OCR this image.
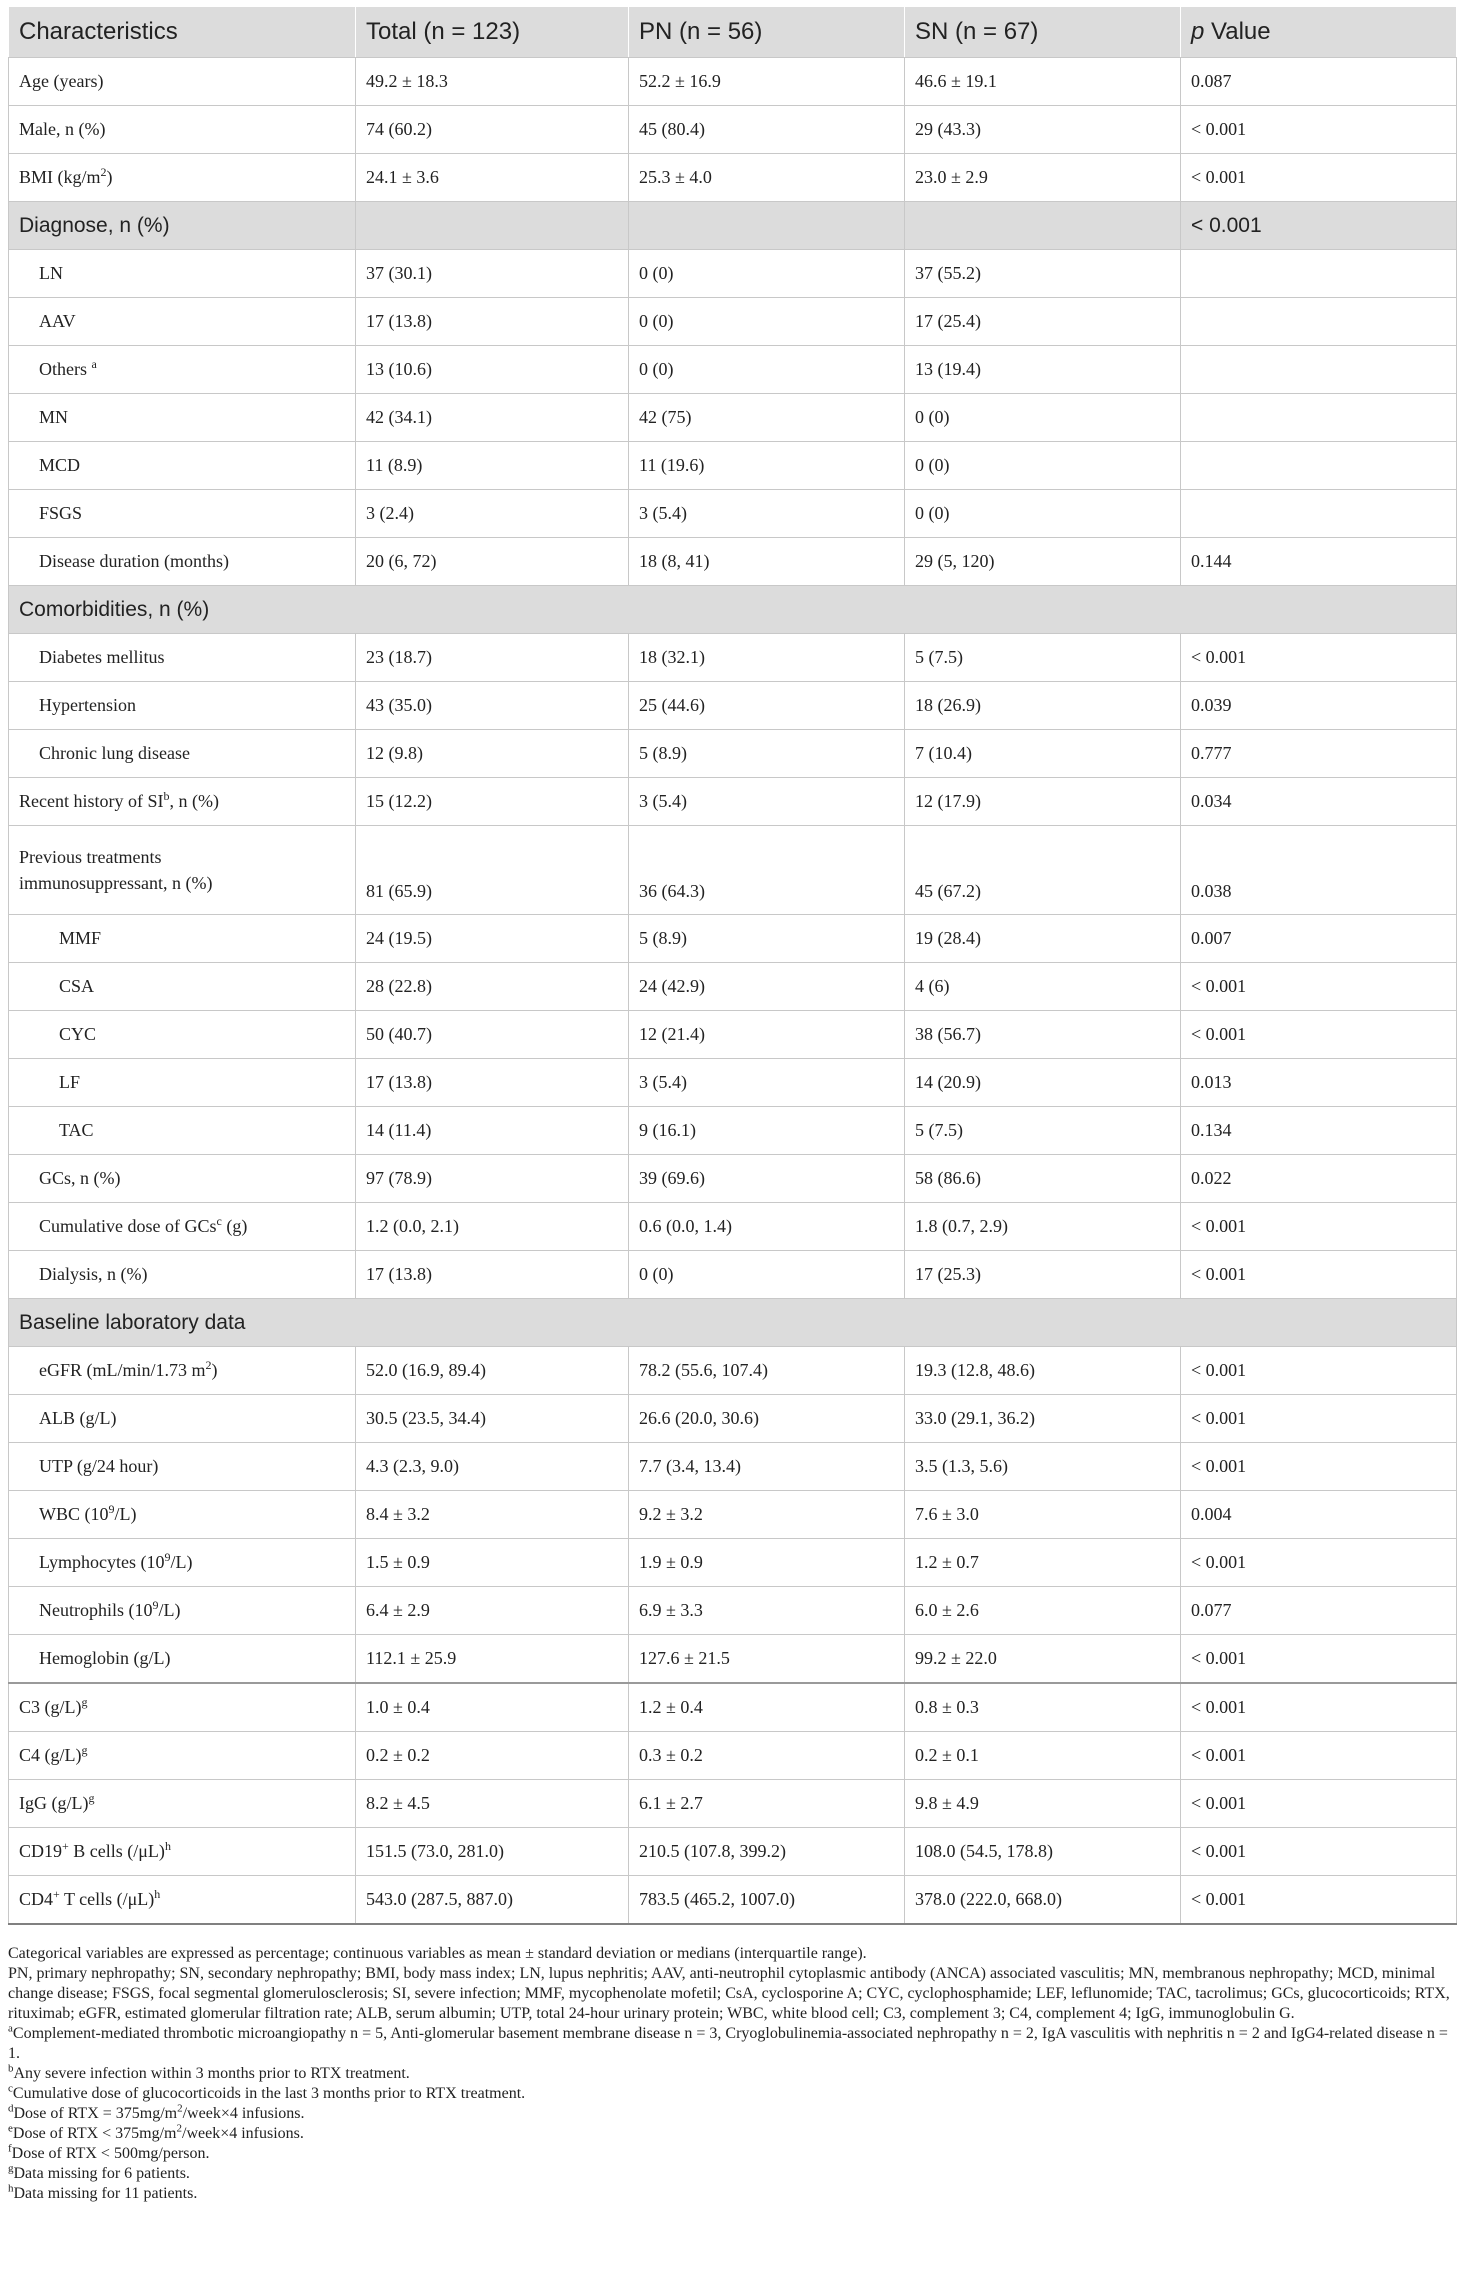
Characteristics	Total (n = 123)	PN (n = 56)	SN (n = 67)	p Value
Age (years)	49.2 ± 18.3	52.2 ± 16.9	46.6 ± 19.1	0.087
Male, n (%)	74 (60.2)	45 (80.4)	29 (43.3)	< 0.001
BMI $(kg/m^2)$	24.1 ± 3.6	25.3 ± 4.0	23.0 ± 2.9	< 0.001
Diagnose, n (%)				< 0.001
LN	37 (30.1)	0 (0)	37 (55.2)	
AAV	17 (13.8)	0 (0)	17 (25.4)	
Others $^a$	13 (10.6)	0 (0)	13 (19.4)	
MN	42 (34.1)	42 (75)	0 (0)	
MCD	11 (8.9)	11 (19.6)	0 (0)	
FSGS	3 (2.4)	3 (5.4)	0 (0)	
Disease duration (months)	20 (6, 72)	18 (8, 41)	29 (5, 120)	0.144
Comorbidities, n (%)				
Diabetes mellitus	23 (18.7)	18 (32.1)	5 (7.5)	< 0.001
Hypertension	43 (35.0)	25 (44.6)	18 (26.9)	0.039
Chronic lung disease	12 (9.8)	5 (8.9)	7 (10.4)	0.777
Recent history of $SI^b$, n (%)	15 (12.2)	3 (5.4)	12 (17.9)	0.034

Previous treatments
immunosuppressant, n (%)	81 (65.9)	36 (64.3)	45 (67.2)	0.038
MMF	24 (19.5)	5 (8.9)	19 (28.4)	0.007
CSA	28 (22.8)	24 (42.9)	4 (6)	< 0.001
CYC	50 (40.7)	12 (21.4)	38 (56.7)	< 0.001
LF	17 (13.8)	3 (5.4)	14 (20.9)	0.013
TAC	14 (11.4)	9 (16.1)	5 (7.5)	0.134
GCs, n (%)	97 (78.9)	39 (69.6)	58 (86.6)	0.022
Cumulative dose of GCs$^c$ (g)	1.2 (0.0, 2.1)	0.6 (0.0, 1.4)	1.8 (0.7, 2.9)	< 0.001
Dialysis, n (%)	17 (13.8)	0 (0)	17 (25.3)	< 0.001
Baseline laboratory data				
eGFR (mL/min/1.73 $m^2$)	52.0 (16.9, 89.4)	78.2 (55.6, 107.4)	19.3 (12.8, 48.6)	< 0.001
ALB (g/L)	30.5 (23.5, 34.4)	26.6 (20.0, 30.6)	33.0 (29.1, 36.2)	< 0.001
UTP (g/24 hour)	4.3 (2.3, 9.0)	7.7 (3.4, 13.4)	3.5 (1.3, 5.6)	< 0.001
WBC $(10^9/L)$	8.4 ± 3.2	9.2 ± 3.2	7.6 ± 3.0	0.004
Lymphocytes $(10^9/L)$	1.5 ± 0.9	1.9 ± 0.9	1.2 ± 0.7	< 0.001
Neutrophils $(10^9/L)$	6.4 ± 2.9	6.9 ± 3.3	6.0 ± 2.6	0.077
Hemoglobin (g/L)	112.1 ± 25.9	127.6 ± 21.5	99.2 ± 22.0	< 0.001
C3 $(g/L)^g$	1.0 ± 0.4	1.2 ± 0.4	0.8 ± 0.3	< 0.001
C4 $(g/L)^g$	0.2 ± 0.2	0.3 ± 0.2	0.2 ± 0.1	< 0.001
IgG $(g/L)^g$	8.2 ± 4.5	6.1 ± 2.7	9.8 ± 4.9	< 0.001
CD19+ B cells $(/\mu L)^h$	151.5 (73.0, 281.0)	210.5 (107.8, 399.2)	108.0 (54.5, 178.8)	< 0.001
CD4+ T cells $(/\mu L)^h$	543.0 (287.5, 887.0)	783.5 (465.2, 1007.0)	378.0 (222.0, 668.0)	< 0.001

Categorical variables are expressed as percentage; continuous variables as mean ± standard deviation or medians (interquartile range).

PN, primary nephropathy; SN, secondary nephropathy; BMI, body mass index; LN, lupus nephritis; AAV, anti-neutrophil cytoplasmic antibody (ANCA) associated vasculitis; MN, membranous nephropathy; MCD, minimal change disease; FSGS, focal segmental glomerulosclerosis; SI, severe infection; MMF, mycophenolate mofetil; CsA, cyclosporine A; CYC, cyclophosphamide; LEF, leflunomide; TAC, tacrolimus; GCs, glucocorticoids; RTX, rituximab; eGFR, estimated glomerular filtration rate; ALB, serum albumin; UTP, total 24-hour urinary protein; WBC, white blood cell; C3, complement 3; C4, complement 4; IgG, immunoglobulin G.

$^a$Complement-mediated thrombotic microangiopathy n = 5, Anti-glomerular basement membrane disease n = 3, Cryoglobulinemia-associated nephropathy n = 2, IgA vasculitis with nephritis n = 2 and IgG4-related disease n = 1.

$^b$Any severe infection within 3 months prior to RTX treatment.

$^c$Cumulative dose of glucocorticoids in the last 3 months prior to RTX treatment.

$^d$Dose of RTX = $375mg/m^2/week\times 4$ infusions.

$^e$Dose of RTX < $375mg/m^2/week\times 4$ infusions.

$^f$Dose of RTX < 500mg/person.

$^g$Data missing for 6 patients.

$^h$Data missing for 11 patients.
